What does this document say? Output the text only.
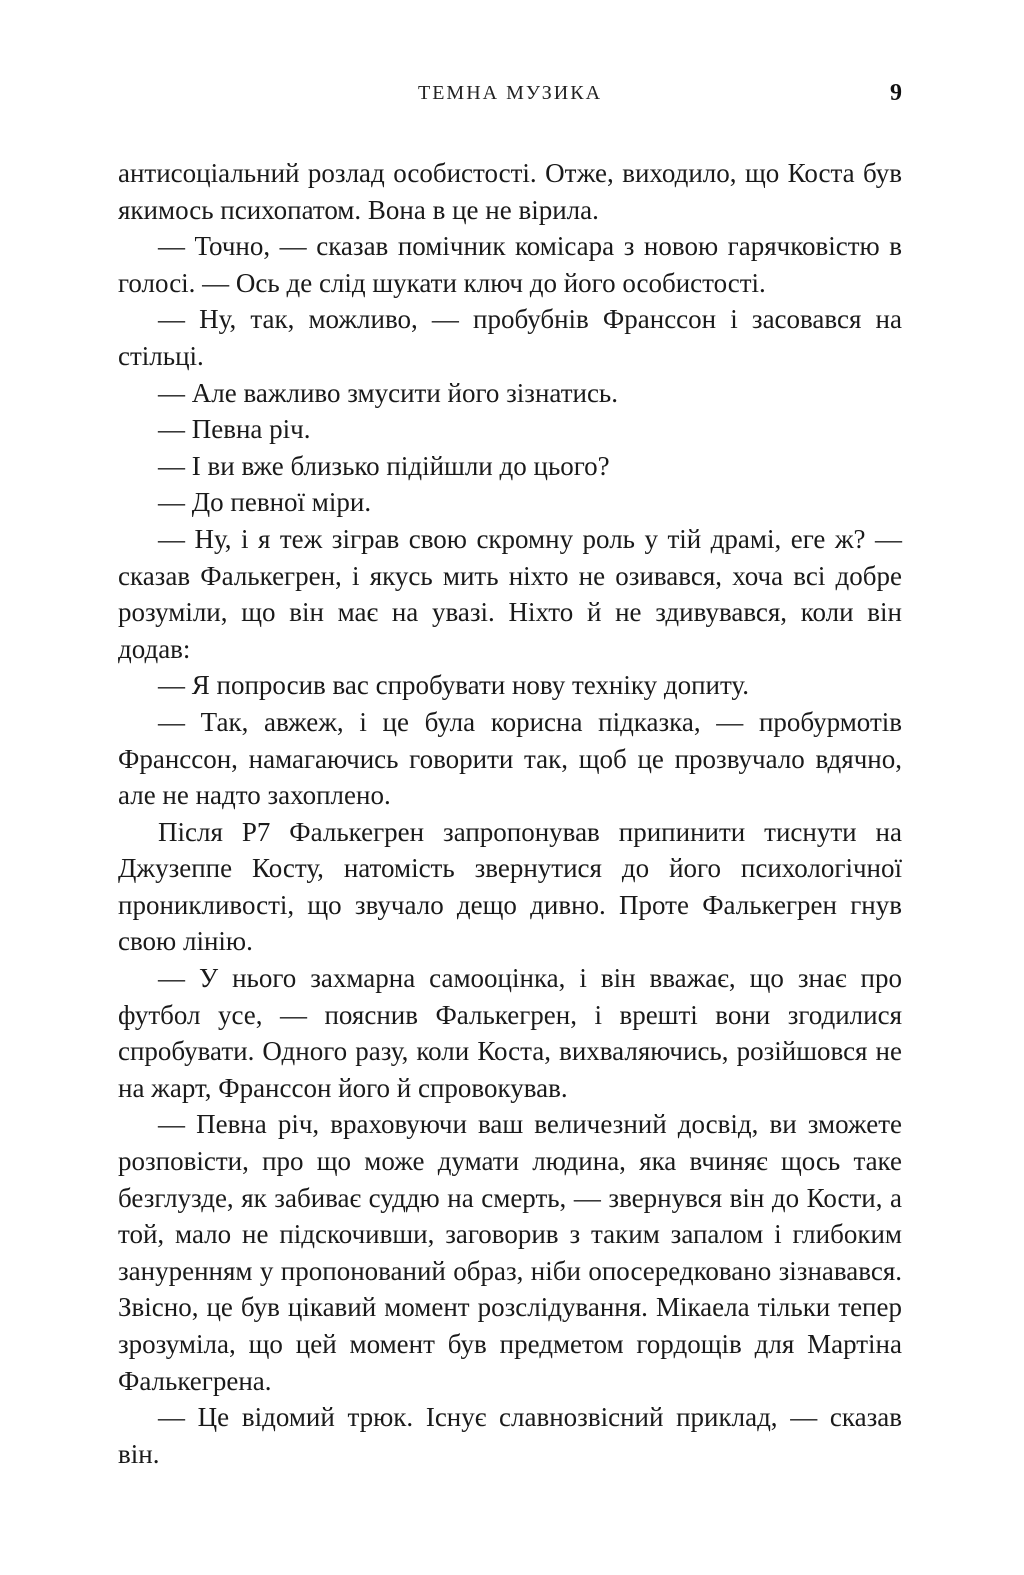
ТЕМНА МУЗИКА	9

антисоціальний розлад особистості. Отже, виходило, що Коста був якимось психопатом. Вона в це не вірила.

— Точно, — сказав помічник комісара з новою гарячковістю в голосі. — Ось де слід шукати ключ до його особистості.

— Ну, так, можливо, — пробубнів Франссон і засовався на стільці.

— Але важливо змусити його зізнатись.

— Певна річ.

— І ви вже близько підійшли до цього?

— До певної міри.

— Ну, і я теж зіграв свою скромну роль у тій драмі, еге ж? — сказав Фалькегрен, і якусь мить ніхто не озивався, хоча всі добре розуміли, що він має на увазі. Ніхто й не здивувався, коли він додав:

— Я попросив вас спробувати нову техніку допиту.

— Так, авжеж, і це була корисна підказка, — пробурмотів Франссон, намагаючись говорити так, щоб це прозвучало вдячно, але не надто захоплено.

Після Р7 Фалькегрен запропонував припинити тиснути на Джузеппе Косту, натомість звернутися до його психологічної проникливості, що звучало дещо дивно. Проте Фалькегрен гнув свою лінію.

— У нього захмарна самооцінка, і він вважає, що знає про футбол усе, — пояснив Фалькегрен, і врешті вони згодилися спробувати. Одного разу, коли Коста, вихваляючись, розійшовся не на жарт, Франссон його й спровокував.

— Певна річ, враховуючи ваш величезний досвід, ви зможете розповісти, про що може думати людина, яка вчиняє щось таке безглузде, як забиває суддю на смерть, — звернувся він до Кости, а той, мало не підскочивши, заговорив з таким запалом і глибоким зануренням у пропонований образ, ніби опосередковано зізнавався. Звісно, це був цікавий момент розслідування. Мікаела тільки тепер зрозуміла, що цей момент був предметом гордощів для Мартіна Фалькегрена.

— Це відомий трюк. Існує славнозвісний приклад, — сказав він.
